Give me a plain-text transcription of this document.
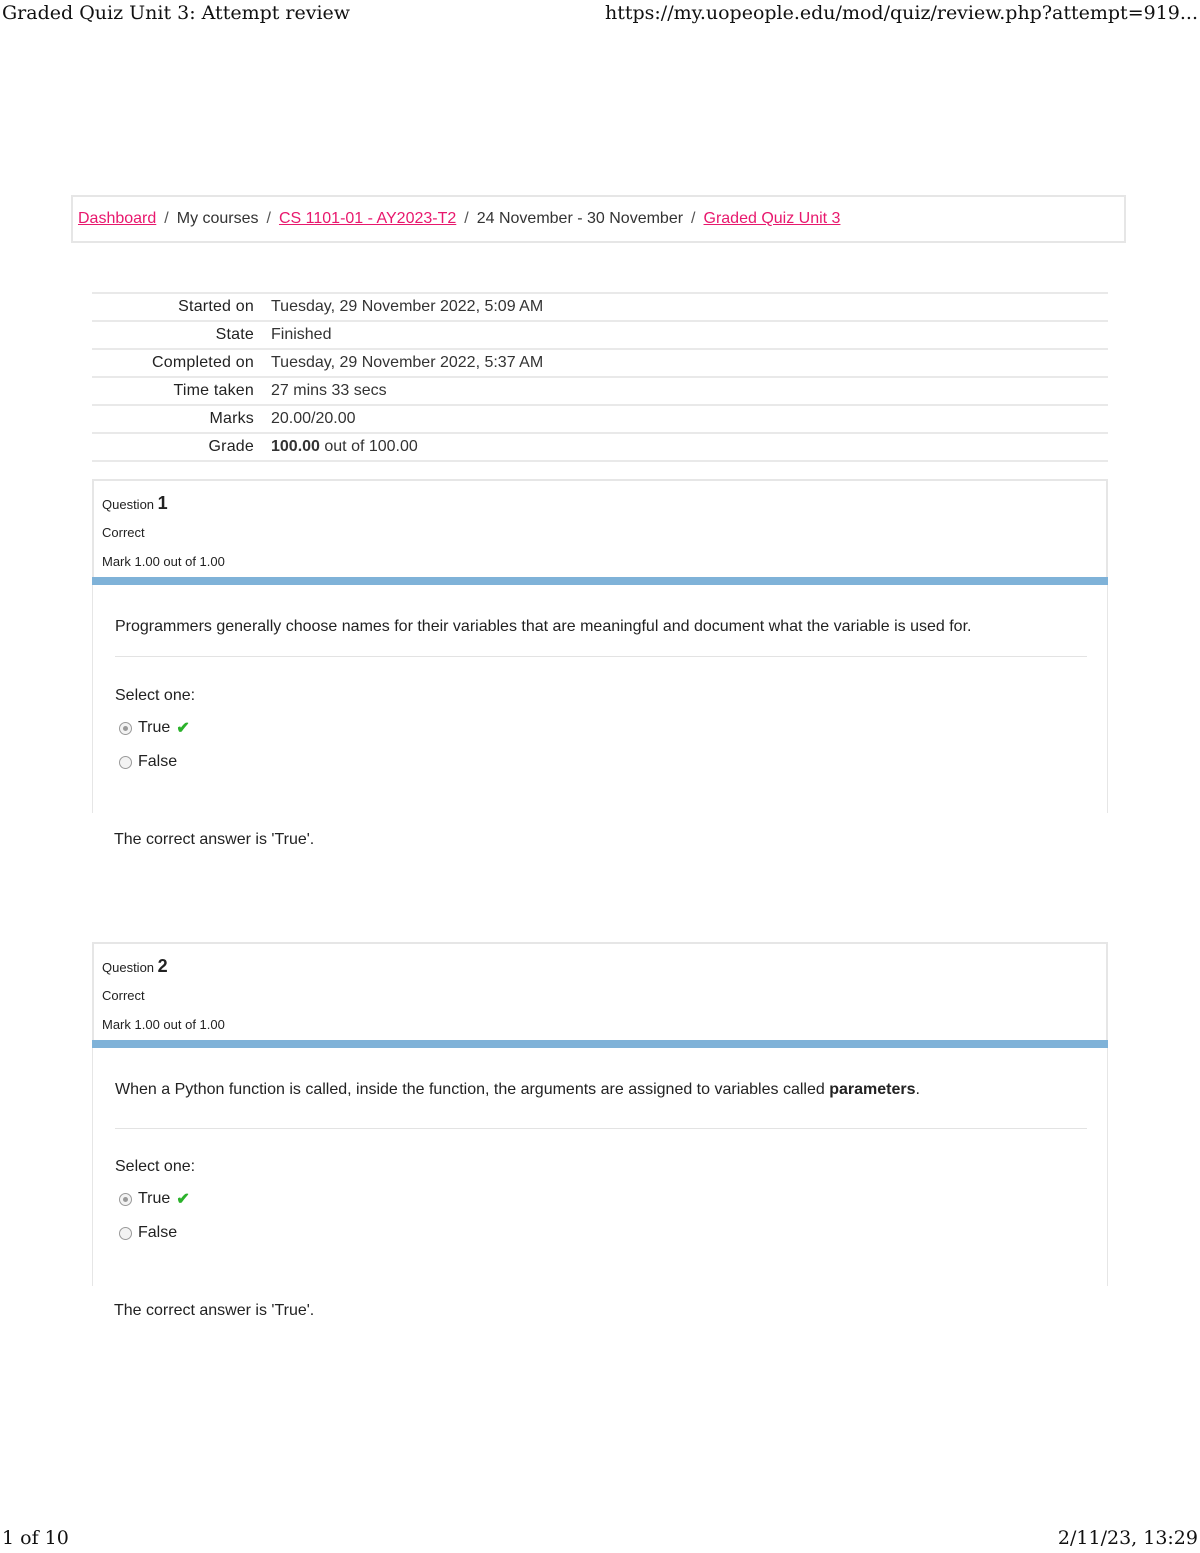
Graded Quiz Unit 3: Attempt review	https://my.uopeople.edu/mod/quiz/review.php?attempt=919...
Dashboard / My courses / CS 1101-01 - AY2023-T2 / 24 November - 30 November / Graded Quiz Unit 3
Started on	Tuesday, 29 November 2022, 5:09 AM
State	Finished
Completed on	Tuesday, 29 November 2022, 5:37 AM
Time taken	27 mins 33 secs
Marks	20.00/20.00
Grade	100.00 out of 100.00
Question 1
Correct
Mark 1.00 out of 1.00
Programmers generally choose names for their variables that are meaningful and document what the variable is used for.
Select one:
True ✔
False
The correct answer is 'True'.
Question 2
Correct
Mark 1.00 out of 1.00
When a Python function is called, inside the function, the arguments are assigned to variables called parameters.
Select one:
True ✔
False
The correct answer is 'True'.
1 of 10	2/11/23, 13:29
